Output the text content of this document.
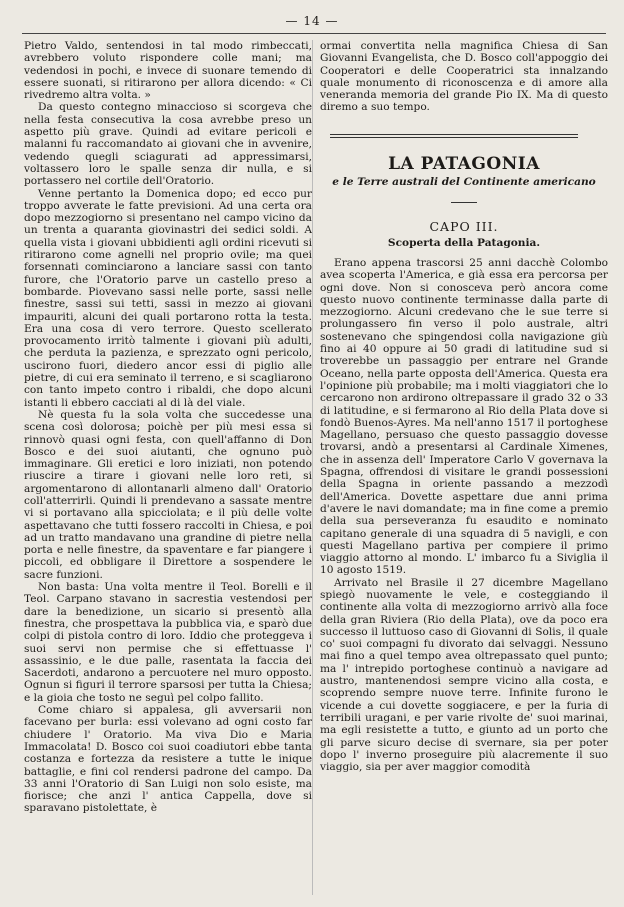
— 14 —

Pietro Valdo, sentendosi in tal modo rimbeccati, avrebbero voluto rispondere colle mani; ma vedendosi in pochi, e invece di suonare temendo di essere suonati, si ritirarono per allora dicendo: « Ci rivedremo altra volta. »

Da questo contegno minaccioso si scorgeva che nella festa consecutiva la cosa avrebbe preso un aspetto più grave. Quindi ad evitare pericoli e malanni fu raccomandato ai giovani che in avvenire, vedendo quegli sciagurati ad appressimarsi, voltassero loro le spalle senza dir nulla, e si portassero nel cortile dell'Oratorio.

Venne pertanto la Domenica dopo; ed ecco pur troppo avverate le fatte previsioni. Ad una certa ora dopo mezzogiorno si presentano nel campo vicino da un trenta a quaranta giovinastri dei sedici soldi. A quella vista i giovani ubbidienti agli ordini ricevuti si ritirarono come agnelli nel proprio ovile; ma quei forsennati cominciarono a lanciare sassi con tanto furore, che l'Oratorio parve un castello preso a bombarde. Piovevano sassi nelle porte, sassi nelle finestre, sassi sui tetti, sassi in mezzo ai giovani impauriti, alcuni dei quali portarono rotta la testa. Era una cosa di vero terrore. Questo scellerato provocamento irritò talmente i giovani più adulti, che perduta la pazienza, e sprezzato ogni pericolo, uscirono fuori, diedero ancor essi di piglio alle pietre, di cui era seminato il terreno, e si scagliarono con tanto impeto contro i ribaldi, che dopo alcuni istanti li ebbero cacciati al di là del viale.

Nè questa fu la sola volta che succedesse una scena così dolorosa; poichè per più mesi essa si rinnovò quasi ogni festa, con quell'affanno di Don Bosco e dei suoi aiutanti, che ognuno può immaginare. Gli eretici e loro iniziati, non potendo riuscire a tirare i giovani nelle loro reti, si argomentarono di allontanarli almeno dall' Oratorio coll'atterrirli. Quindi li prendevano a sassate mentre vi si portavano alla spicciolata; e il più delle volte aspettavano che tutti fossero raccolti in Chiesa, e poi ad un tratto mandavano una grandine di pietre nella porta e nelle finestre, da spaventare e far piangere i piccoli, ed obbligare il Direttore a sospendere le sacre funzioni.

Non basta: Una volta mentre il Teol. Borelli e il Teol. Carpano stavano in sacrestia vestendosi per dare la benedizione, un sicario si presentò alla finestra, che prospettava la pubblica via, e sparò due colpi di pistola contro di loro. Iddio che proteggeva i suoi servi non permise che si effettuasse l' assassinio, e le due palle, rasentata la faccia dei Sacerdoti, andarono a percuotere nel muro opposto. Ognun si figuri il terrore sparsosi per tutta la Chiesa; e la gioia che tosto ne seguì pel colpo fallito.

Come chiaro si appalesa, gli avversarii non facevano per burla: essi volevano ad ogni costo far chiudere l' Oratorio. Ma viva Dio e Maria Immacolata! D. Bosco coi suoi coadiutori ebbe tanta costanza e fortezza da resistere a tutte le inique battaglie, e fini col rendersi padrone del campo. Da 33 anni l'Oratorio di San Luigi non solo esiste, ma fiorisce; che anzi l' antica Cappella, dove si sparavano pistolettate, è

ormai convertita nella magnifica Chiesa di San Giovanni Evangelista, che D. Bosco coll'appoggio dei Cooperatori e delle Cooperatrici sta innalzando quale monumento di riconoscenza e di amore alla veneranda memoria del grande Pio IX. Ma di questo diremo a suo tempo.

LA PATAGONIA
e le Terre australi del Continente americano
CAPO III.
Scoperta della Patagonia.

Erano appena trascorsi 25 anni dacchè Colombo avea scoperta l'America, e già essa era percorsa per ogni dove. Non si conosceva però ancora come questo nuovo continente terminasse dalla parte di mezzogiorno. Alcuni credevano che le sue terre si prolungassero fin verso il polo australe, altri sostenevano che spingendosi colla navigazione giù fino ai 40 oppure ai 50 gradi di latitudine sud si troverebbe un passaggio per entrare nel Grande Oceano, nella parte opposta dell'America. Questa era l'opinione più probabile; ma i molti viaggiatori che lo cercarono non ardirono oltrepassare il grado 32 o 33 di latitudine, e si fermarono al Rio della Plata dove si fondò Buenos-Ayres. Ma nell'anno 1517 il portoghese Magellano, persuaso che questo passaggio dovesse trovarsi, andò a presentarsi al Cardinale Ximenes, che in assenza dell' Imperatore Carlo V governava la Spagna, offrendosi di visitare le grandi possessioni della Spagna in oriente passando a mezzodì dell'America. Dovette aspettare due anni prima d'avere le navi domandate; ma in fine come a premio della sua perseveranza fu esaudito e nominato capitano generale di una squadra di 5 navigli, e con questi Magellano partiva per compiere il primo viaggio attorno al mondo. L' imbarco fu a Siviglia il 10 agosto 1519.

Arrivato nel Brasile il 27 dicembre Magellano spiegò nuovamente le vele, e costeggiando il continente alla volta di mezzogiorno arrivò alla foce della gran Riviera (Rio della Plata), ove da poco era successo il luttuoso caso di Giovanni di Solis, il quale co' suoi compagni fu divorato dai selvaggi. Nessuno mai fino a quel tempo avea oltrepassato quel punto; ma l' intrepido portoghese continuò a navigare ad austro, mantenendosi sempre vicino alla costa, e scoprendo sempre nuove terre. Infinite furono le vicende a cui dovette soggiacere, e per la furia di terribili uragani, e per varie rivolte de' suoi marinai, ma egli resistette a tutto, e giunto ad un porto che gli parve sicuro decise di svernare, sia per poter dopo l' inverno proseguire più alacremente il suo viaggio, sia per aver maggior comodità
